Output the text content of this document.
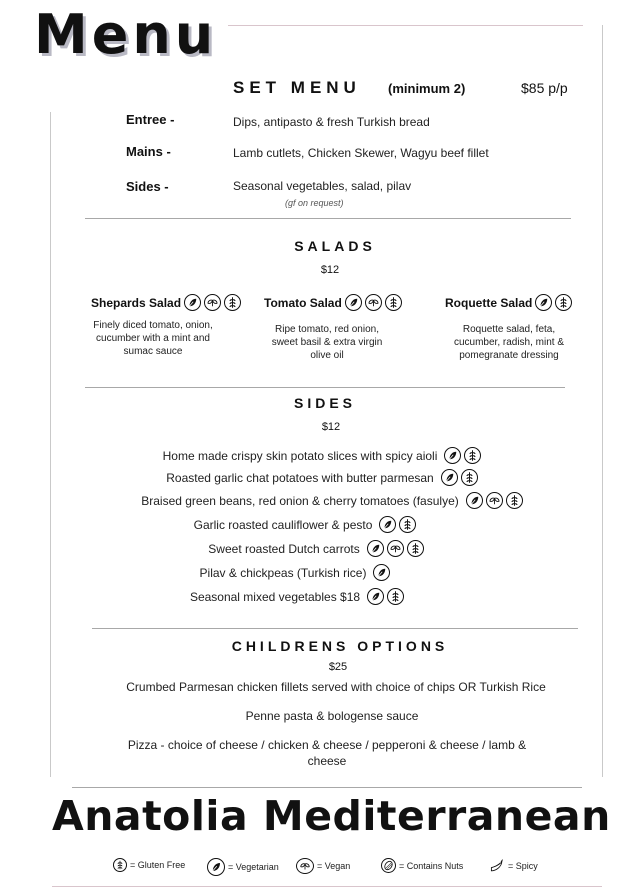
Menu
SET MENU (minimum 2)	$85 p/p
Entree -	Dips, antipasto & fresh Turkish bread
Mains -	Lamb cutlets, Chicken Skewer, Wagyu beef fillet
Sides -	Seasonal vegetables, salad, pilav
(gf on request)
SALADS
$12
Shepards Salad
Finely diced tomato, onion, cucumber with a mint and sumac sauce
Tomato Salad
Ripe tomato, red onion, sweet basil & extra virgin olive oil
Roquette Salad
Roquette salad, feta, cucumber, radish, mint & pomegranate dressing
SIDES
$12
Home made crispy skin potato slices with spicy aioli
Roasted garlic chat potatoes with butter parmesan
Braised green beans, red onion & cherry tomatoes (fasulye)
Garlic roasted cauliflower & pesto
Sweet roasted Dutch carrots
Pilav & chickpeas (Turkish rice)
Seasonal mixed vegetables $18
CHILDRENS OPTIONS
$25
Crumbed Parmesan chicken fillets served with choice of chips OR Turkish Rice
Penne pasta & bologense sauce
Pizza - choice of cheese / chicken & cheese / pepperoni & cheese / lamb & cheese
Anatolia Mediterranean
= Gluten Free	= Vegetarian	= Vegan	= Contains Nuts	= Spicy
